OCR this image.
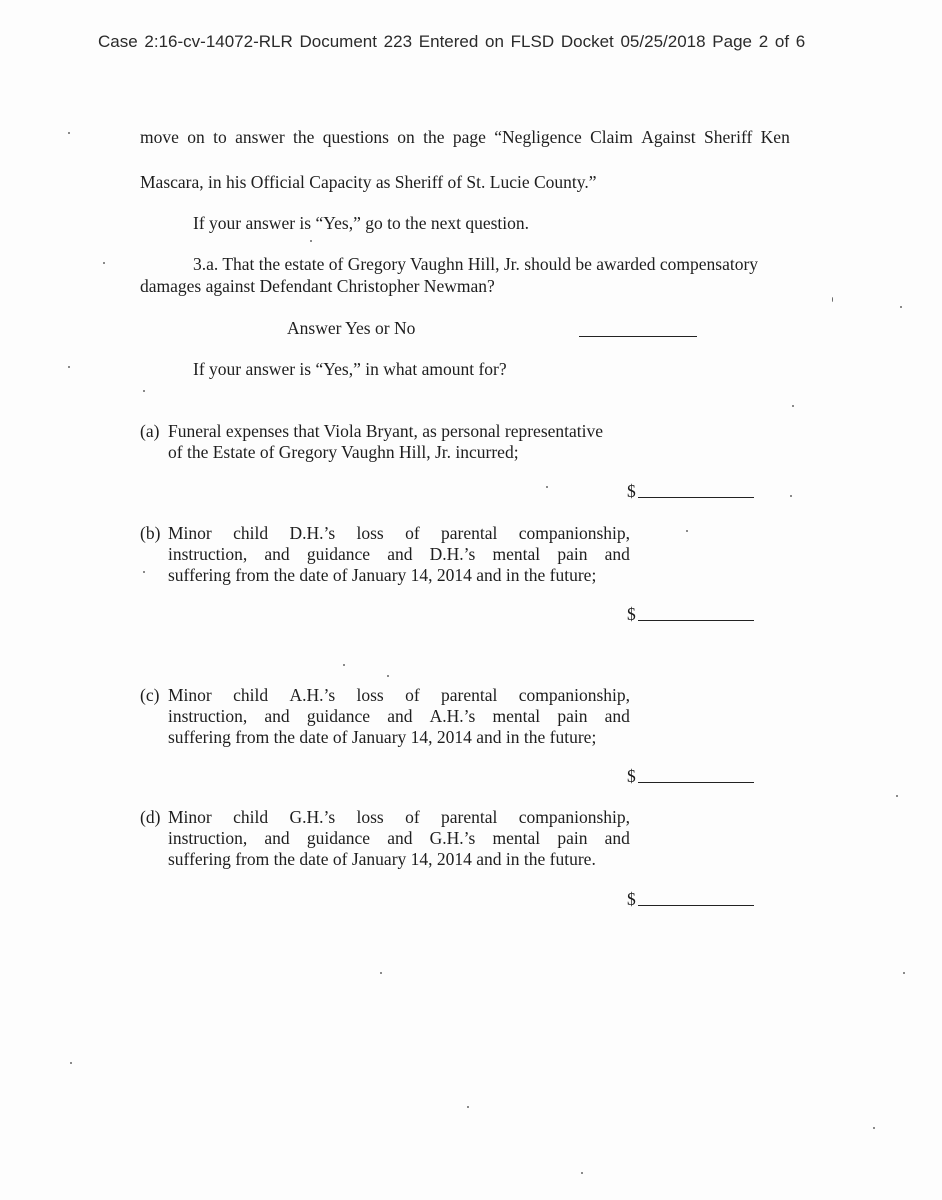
Case 2:16-cv-14072-RLR Document 223 Entered on FLSD Docket 05/25/2018 Page 2 of 6
move on to answer the questions on the page “Negligence Claim Against Sheriff Ken
Mascara, in his Official Capacity as Sheriff of St. Lucie County.”
If your answer is “Yes,” go to the next question.
3.a. That the estate of Gregory Vaughn Hill, Jr. should be awarded compensatory
damages against Defendant Christopher Newman?
Answer Yes or No
If your answer is “Yes,” in what amount for?
(a) Funeral expenses that Viola Bryant, as personal representative
of the Estate of Gregory Vaughn Hill, Jr. incurred;
$
(b) Minor child D.H.’s loss of parental companionship,
instruction, and guidance and D.H.’s mental pain and
suffering from the date of January 14, 2014 and in the future;
$
(c) Minor child A.H.’s loss of parental companionship,
instruction, and guidance and A.H.’s mental pain and
suffering from the date of January 14, 2014 and in the future;
$
(d) Minor child G.H.’s loss of parental companionship,
instruction, and guidance and G.H.’s mental pain and
suffering from the date of January 14, 2014 and in the future.
$
